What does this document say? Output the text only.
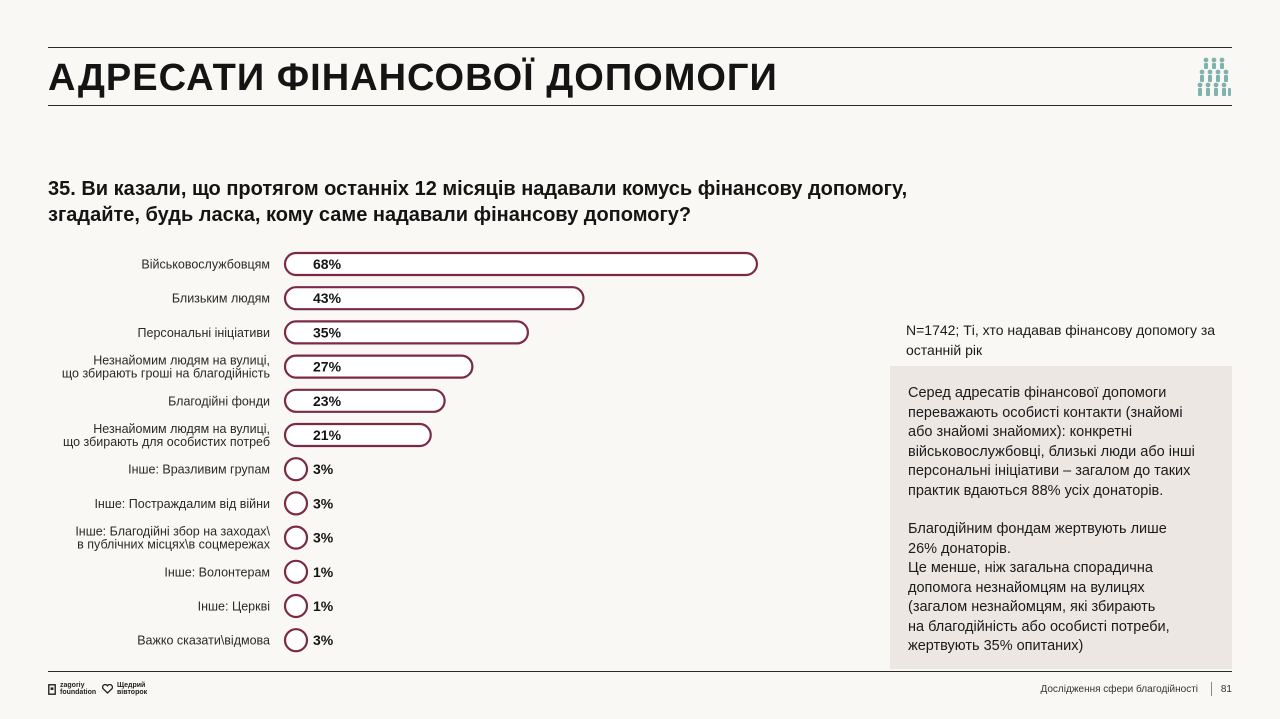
АДРЕСАТИ ФІНАНСОВОЇ ДОПОМОГИ
35. Ви казали, що протягом останніх 12 місяців надавали комусь фінансову допомогу, згадайте, будь ласка, кому саме надавали фінансову допомогу?
68%
Військовослужбовцям
43%
Близьким людям
35%
Персональні ініціативи
27%
Незнайомим людям на вулиці, що збирають гроші на благодійність
23%
Благодійні фонди
21%
Незнайомим людям на вулиці, що збирають для особистих потреб
3%
Інше: Вразливим групам
3%
Інше: Постраждалим від війни
3%
Інше: Благодійні збор на заходах\ в публічних місцях\в соцмережах
1%
Інше: Волонтерам
1%
Інше: Церкві
3%
Важко сказати\відмова
N=1742; Ті, хто надавав фінансову допомогу за останній рік

Серед адресатів фінансової допомоги
переважають особисті контакти (знайомі
або знайомі знайомих): конкретні
військовослужбовці, близькі люди або інші
персональні ініціативи – загалом до таких
практик вдаються 88% усіх донаторів.

Благодійним фондам жертвують лише
26% донаторів.
Це менше, ніж загальна спорадична
допомога незнайомцям на вулицях
(загалом незнайомцям, які збирають
на благодійність або особисті потреби,
жертвують 35% опитаних)

zagoriy
foundation
Щедрий
вівторок	Дослідження сфери благодійності 81
